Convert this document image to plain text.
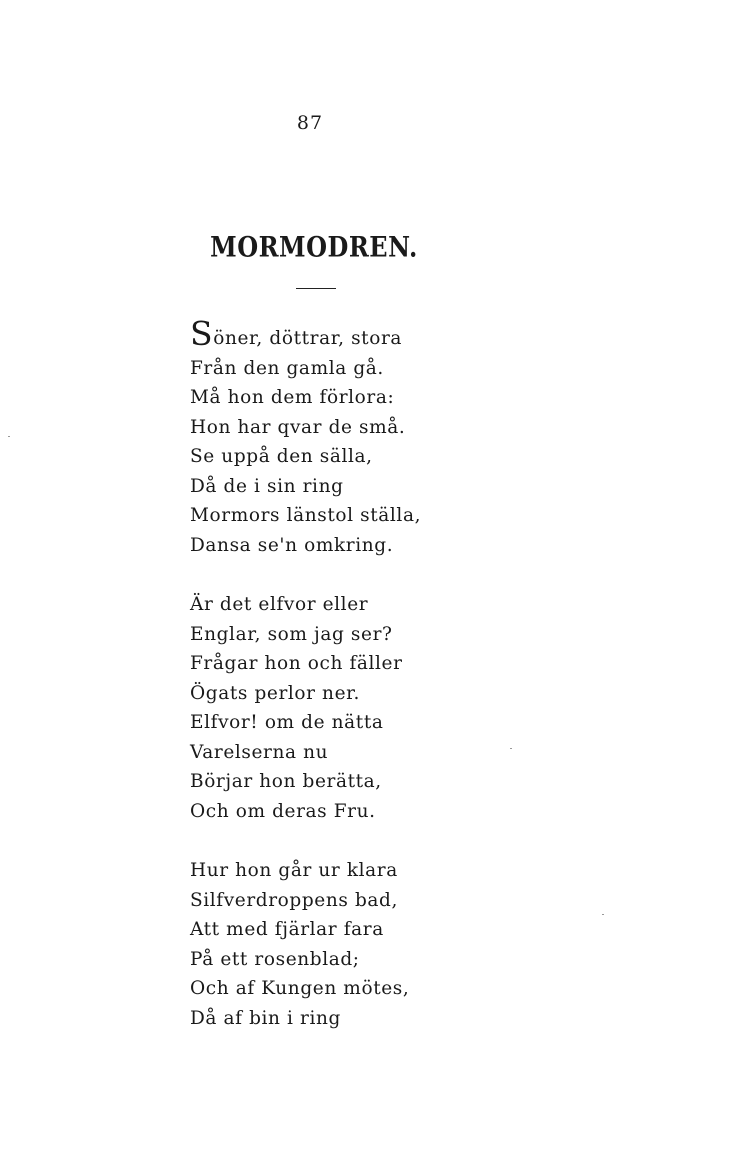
87
MORMODREN.
Söner, döttrar, stora
Från den gamla gå.
Må hon dem förlora:
Hon har qvar de små.
Se uppå den sälla,
Då de i sin ring
Mormors länstol ställa,
Dansa se'n omkring.
Är det elfvor eller
Englar, som jag ser?
Frågar hon och fäller
Ögats perlor ner.
Elfvor! om de nätta
Varelserna nu
Börjar hon berätta,
Och om deras Fru.
Hur hon går ur klara
Silfverdroppens bad,
Att med fjärlar fara
På ett rosenblad;
Och af Kungen mötes,
Då af bin i ring
